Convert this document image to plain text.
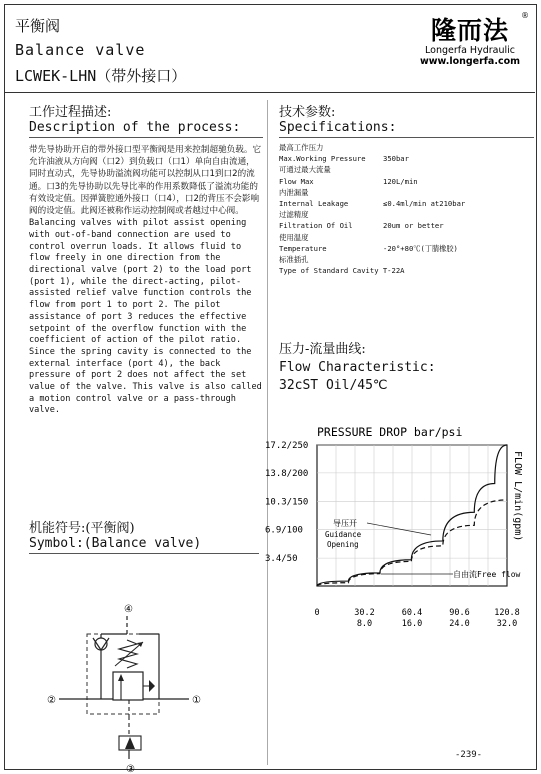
平衡阀
Balance valve
LCWEK-LHN（带外接口）
隆而法
®
Longerfa Hydraulic
www.longerfa.com
工作过程描述:
Description of the process:
带先导协助开启的带外接口型平衡阀是用来控制超驰负载。它允许油液从方向阀（口2）到负载口（口1）单向自由流通，同时直动式，先导协助溢流阀功能可以控制从口1到口2的流通。口3的先导协助以先导比率的作用系数降低了溢流功能的有效设定值。因弹簧腔通外接口（口4），口2的背压不会影响阀的设定值。此阀还被称作运动控制阀或者越过中心阀。
Balancing valves with pilot assist opening with out-of-band connection are used to control overrun loads. It allows fluid to flow freely in one direction from the directional valve (port 2) to the load port (port 1), while the direct-acting, pilot-assisted relief valve function controls the flow from port 1 to port 2. The pilot assistance of port 3 reduces the effective setpoint of the overflow function with the coefficient of action of the pilot ratio. Since the spring cavity is connected to the external interface (port 4), the back pressure of port 2 does not affect the set value of the valve. This valve is also called a motion control valve or a pass-through valve.
机能符号:(平衡阀)
Symbol:(Balance valve)
④
③
②	①
技术参数:
Specifications:
最高工作压力
Max.Working Pressure 350bar
可通过最大流量
Flow Max	120L/min
内泄漏量
Internal Leakage	≤0.4ml/min at210bar
过滤精度
Filtration Of Oil	20um or better
使用温度
Temperature	-20°+80℃(丁腈橡胶)
标准插孔
Type of Standard Cavity T-22A
压力-流量曲线:
Flow Characteristic:
32cST Oil/45℃
PRESSURE DROP bar/psi
17.2/250
13.8/200
10.3/150
6.9/100
3.4/50
0	30.2	60.4	90.6	120.8
8.0	16.0	24.0	32.0
FLOW L/min(gpm)
导压开
Guidance
Opening
自由流Free flow
-239-
